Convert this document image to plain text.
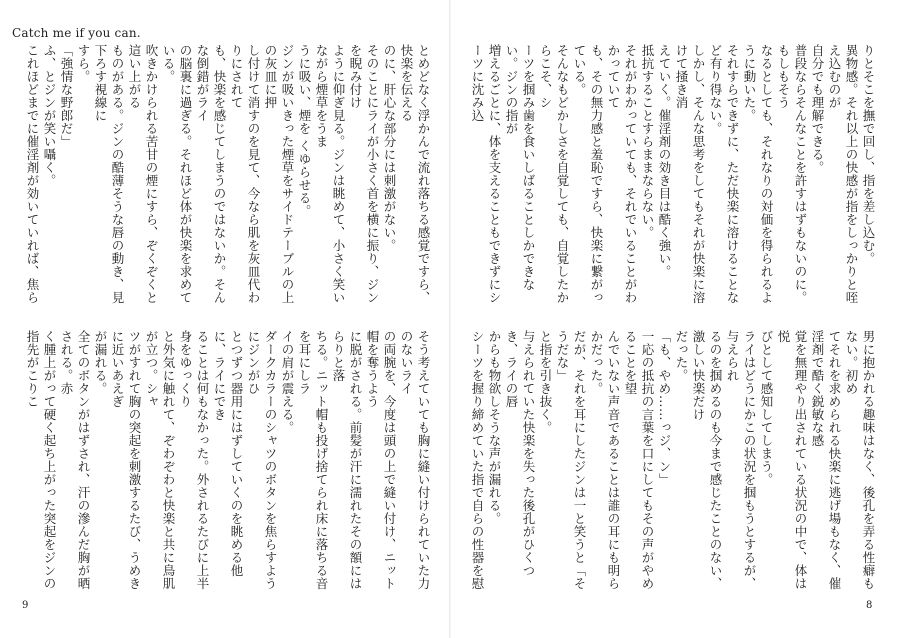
Catch me if you can.
とめどなく浮かんで流れ落ちる感覚ですら、快楽を伝える
のに、肝心な部分には刺激がない。
そのことにライが小さく首を横に振り、ジンを睨み付け
ように仰ぎ見る。ジンは眺めて、小さく笑いながら煙草をうま
うに吸い、煙を くゆらせる。
ジンが吸いきった煙草をサイドテーブルの上の灰皿に押
し付けて消すのを見て、今なら肌を灰皿代わりにされて
も、快楽を感じてしまうのではないか。そんな倒錯がライ
の脳裏に過ぎる。それほど体が快楽を求めている。
吹きかけられる苦甘の煙にすら、ぞくぞくと這い上がる
ものがある。ジンの酷薄そうな唇の動き、見下ろす視線に
すら。
「強情な野郎だ」
ふ、とジンが笑い囁く。
これほどまでに催淫剤が効いていれば、焦ら
そう考えていても胸に縫い付けられていた力のないライ
の両腕を、今度は頭の上で縫い付け、ニット帽を奪うよう
に脱がされる。前髪が汗に濡れたその額にはらりと落
ちる。ニット帽も投げ捨てられ床に落ちる音を耳にしラ
イの肩が震える。
ダークカラーのシャツのボタンを焦らすようにジンがひ
とつずつ器用にはずしていくのを眺める他に、ライにでき
ることは何もなかった。外されるたびに上半身をゆっくり
と外気に触れて、ぞわぞわと快楽と共に鳥肌が立つ。シャ
ツがすれて胸の突起を刺激するたび、うめきに近いあえぎ
が漏れる。
全てのボタンがはずされ、汗の滲んだ胸が晒される。赤
く腫上がって硬く起ち上がった突起をジンの指先がこりこ
りとそこを撫で回し、指を差し込む。
異物感。それ以上の快感が指をしっかりと咥え込むのが
自分でも理解できる。
普段ならそんなことを許すはずもないのに。もしもそう
なるとしても、それなりの対価を得られるように動いた。
それすらできずに、ただ快楽に溶けることなど有り得ない。
しかし、そんな思考をしてもそれが快楽に溶けて掻き消
えていく。催淫剤の効き目は酷く強い。
抵抗することすらままならない。
それがわかっていても、それでいることがわかっていて
も、その無力感と羞恥ですら、快楽に繋がっている。
そんなもどかしさを自覚しても、自覚したからこそ、シ
ーツを掴み歯を食いしばることしかできない。ジンの指が
増えるごとに、体を支えることもできずにシーツに沈み込
男に抱かれる趣味はなく、後孔を弄る性癖もない。初め
てそれを求められる快楽に逃げ場もなく、催淫剤で酷く鋭敏な感
覚を無理やり出されている状況の中で、体は悦
びとして感知してしまう。
ライはどうにかこの状況を掴もうとするが、与えられ
るのを掴めるのも今まで感じたことのない、激しい快楽だけ
だった。
「も、やめ……っジ、ン」
一応の抵抗の言葉を口にしてもその声がやめることを望
んでいない声音であることは誰の耳にも明らかだった。
だが、それを耳にしたジンは一と笑うと「そうだな」
と指を引き抜く。
与えられていた快楽を失った後孔がひくつき、ライの唇
からも物欲しそうな声が漏れる。
シーツを握り締めていた指で自らの性器を慰
9	8
